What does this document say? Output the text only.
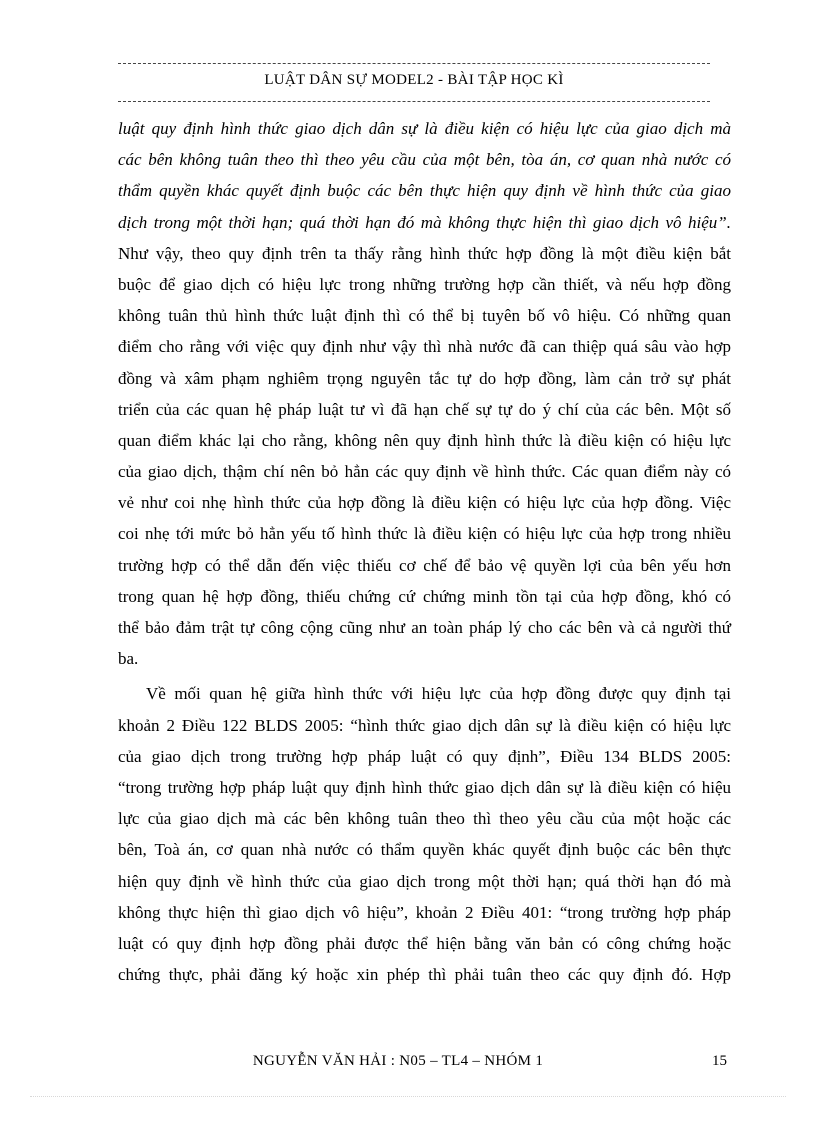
LUẬT DÂN SỰ MODEL2 - BÀI TẬP HỌC KÌ
luật quy định hình thức giao dịch dân sự là điều kiện có hiệu lực của giao dịch mà
các bên không tuân theo thì theo yêu cầu của một bên, tòa án, cơ quan nhà nước có
thẩm quyền khác quyết định buộc các bên thực hiện quy định về hình thức của giao
dịch trong một thời hạn; quá thời hạn đó mà không thực hiện thì giao dịch vô hiệu”.
Như vậy, theo quy định trên ta thấy rằng hình thức hợp đồng là một điều kiện bắt
buộc để giao dịch có hiệu lực trong những trường hợp cần thiết, và nếu hợp đồng
không tuân thủ hình thức luật định thì có thể bị tuyên bố vô hiệu. Có những quan
điểm cho rằng với việc quy định như vậy thì nhà nước đã can thiệp quá sâu vào hợp
đồng và xâm phạm nghiêm trọng nguyên tắc tự do hợp đồng, làm cản trở sự phát
triển của các quan hệ pháp luật tư vì đã hạn chế sự tự do ý chí của các bên. Một số
quan điểm khác lại cho rằng, không nên quy định hình thức là điều kiện có hiệu lực
của giao dịch, thậm chí nên bỏ hẳn các quy định về hình thức. Các quan điểm này có
vẻ như coi nhẹ hình thức của hợp đồng là điều kiện có hiệu lực của hợp đồng. Việc
coi nhẹ tới mức bỏ hẳn yếu tố hình thức là điều kiện có hiệu lực của hợp trong nhiều
trường hợp có thể dẫn đến việc thiếu cơ chế để bảo vệ quyền lợi của bên yếu hơn
trong quan hệ hợp đồng, thiếu chứng cứ chứng minh tồn tại của hợp đồng, khó có
thể bảo đảm trật tự công cộng cũng như an toàn pháp lý cho các bên và cả người thứ
ba.
Về mối quan hệ giữa hình thức với hiệu lực của hợp đồng được quy định tại
khoản 2 Điều 122 BLDS 2005: “hình thức giao dịch dân sự là điều kiện có hiệu lực
của giao dịch trong trường hợp pháp luật có quy định”, Điều 134 BLDS 2005:
“trong trường hợp pháp luật quy định hình thức giao dịch dân sự là điều kiện có hiệu
lực của giao dịch mà các bên không tuân theo thì theo yêu cầu của một hoặc các
bên, Toà án, cơ quan nhà nước có thẩm quyền khác quyết định buộc các bên thực
hiện quy định về hình thức của giao dịch trong một thời hạn; quá thời hạn đó mà
không thực hiện thì giao dịch vô hiệu”, khoản 2 Điều 401: “trong trường hợp pháp
luật có quy định hợp đồng phải được thể hiện bằng văn bản có công chứng hoặc
chứng thực, phải đăng ký hoặc xin phép thì phải tuân theo các quy định đó. Hợp
NGUYỄN VĂN HẢI : N05 – TL4 – NHÓM 1	15
